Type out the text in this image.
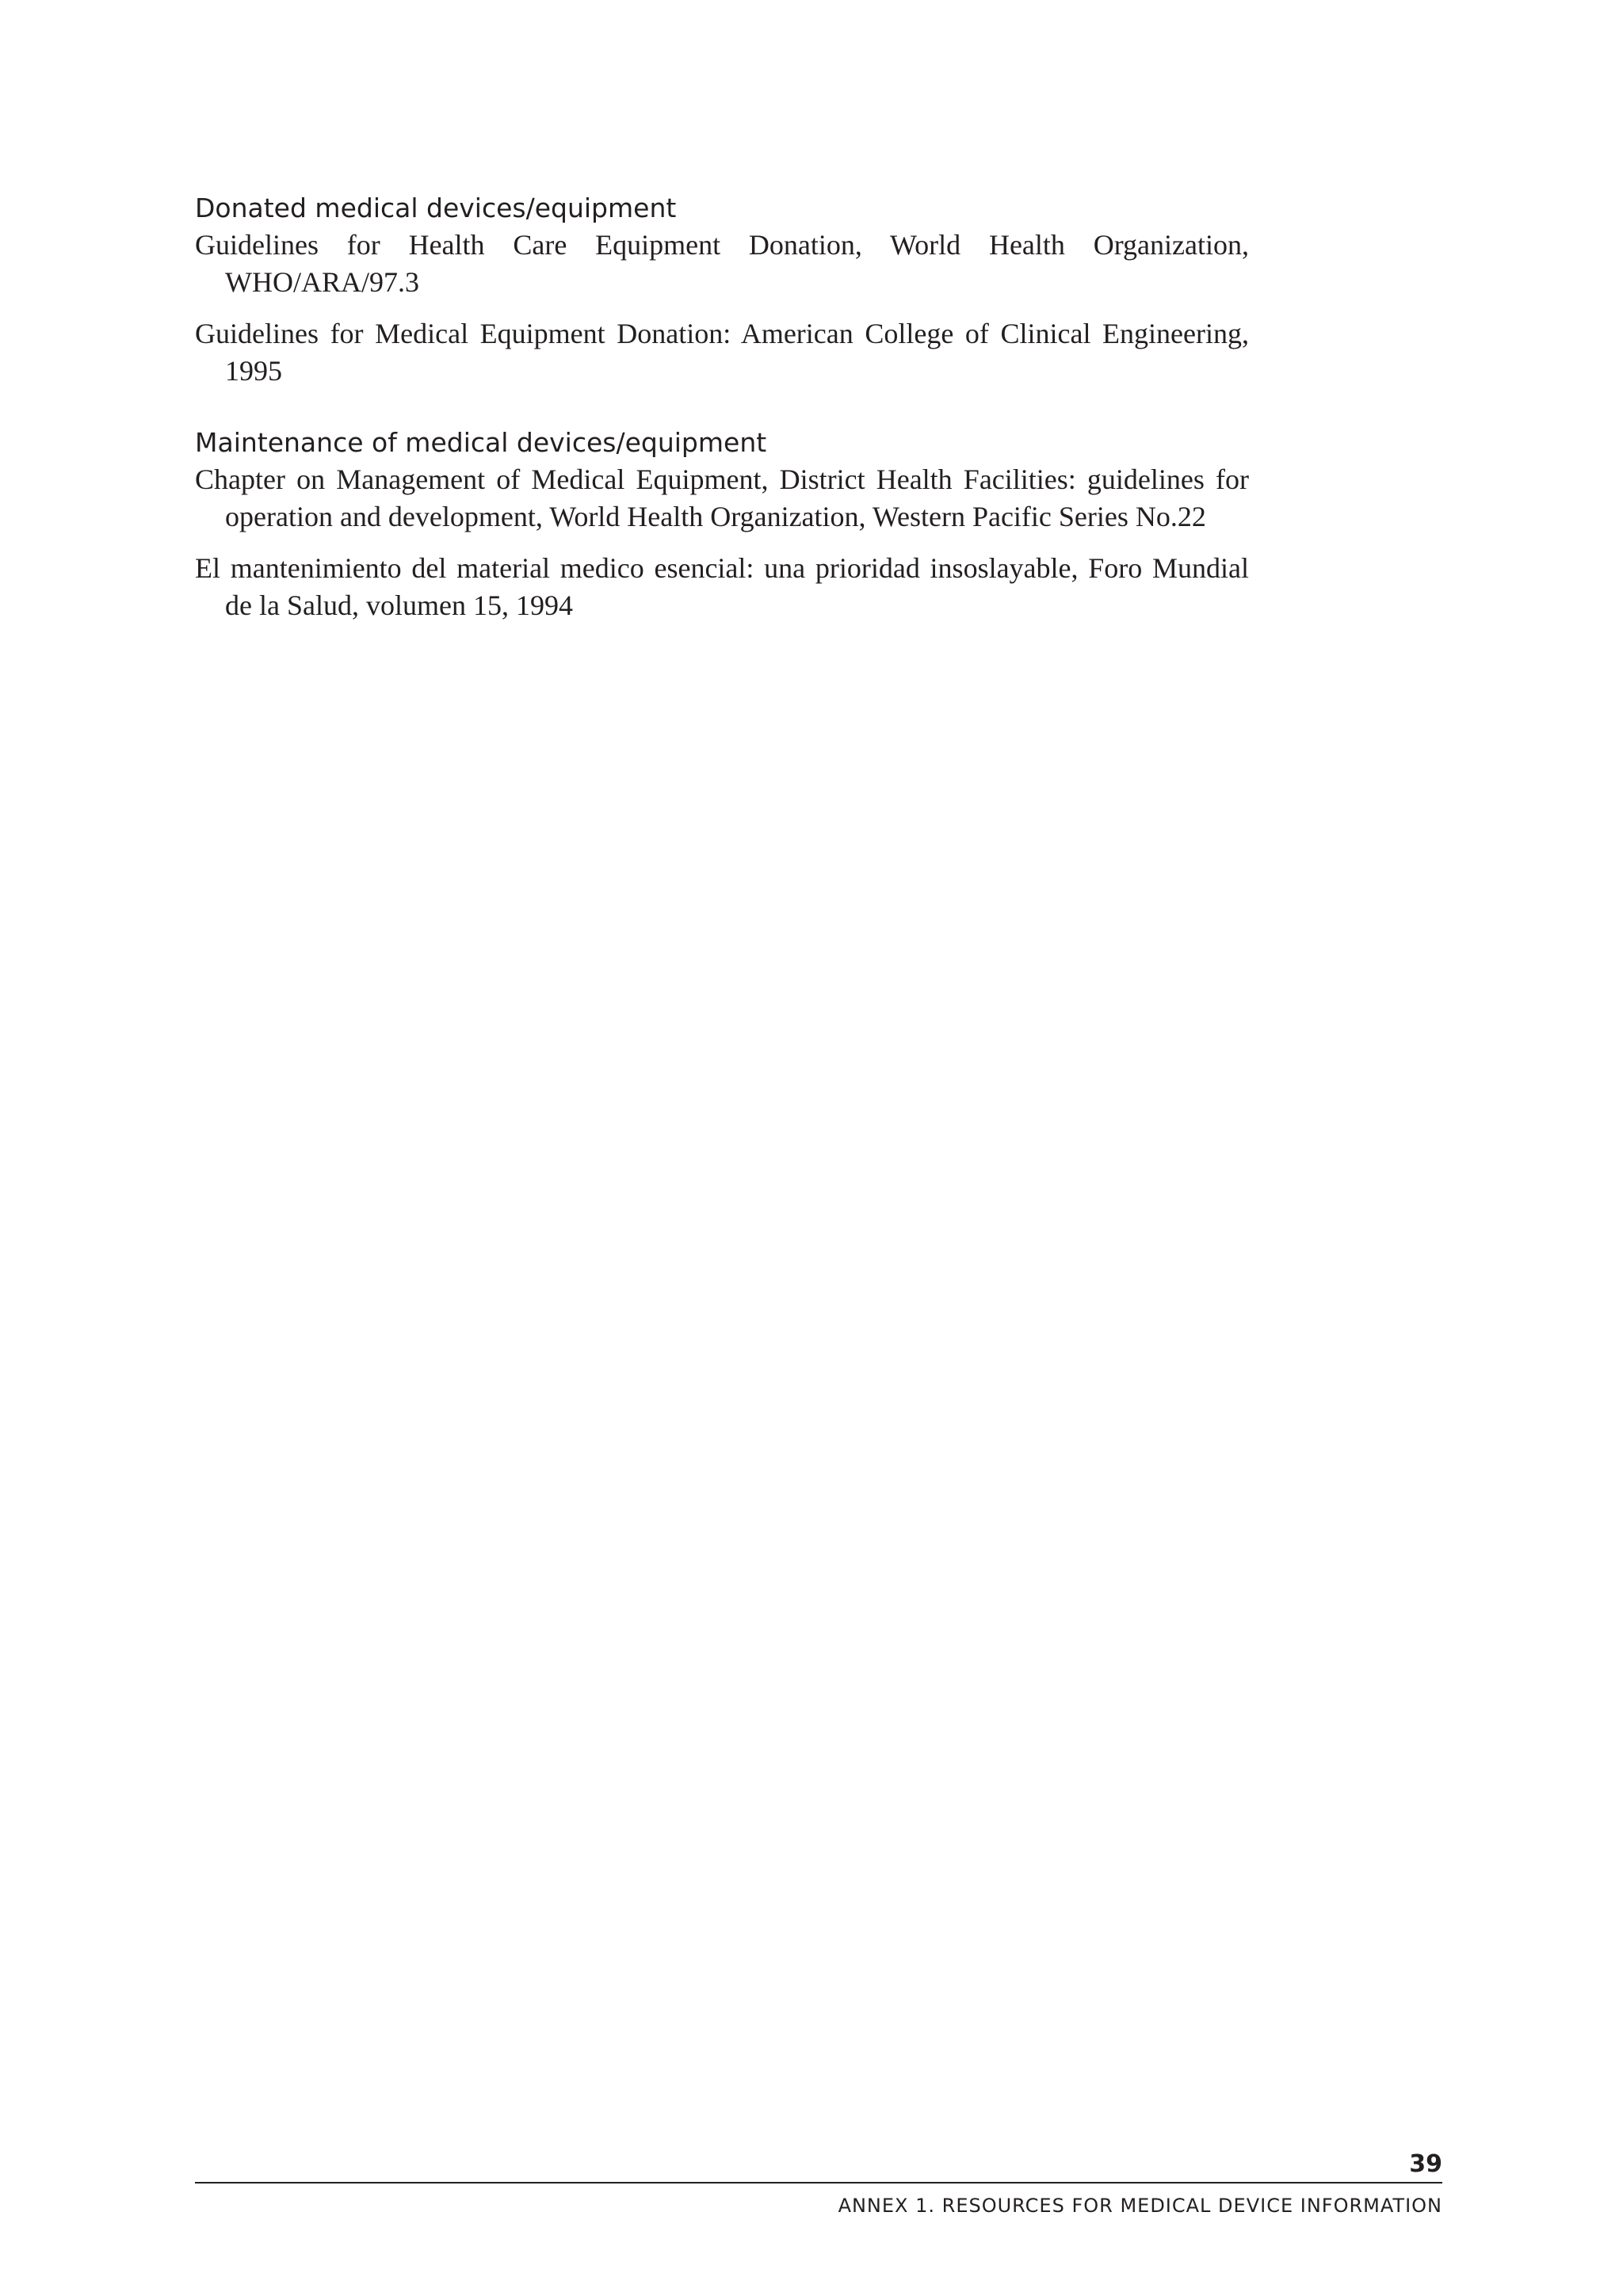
Donated medical devices/equipment

Guidelines for Health Care Equipment Donation, World Health Organization, WHO/ARA/97.3

Guidelines for Medical Equipment Donation: American College of Clinical Engineering, 1995

Maintenance of medical devices/equipment

Chapter on Management of Medical Equipment, District Health Facilities: guidelines for operation and development, World Health Organization, Western Pacific Series No.22

El mantenimiento del material medico esencial: una prioridad insoslayable, Foro Mundial de la Salud, volumen 15, 1994

39
ANNEX 1. RESOURCES FOR MEDICAL DEVICE INFORMATION
